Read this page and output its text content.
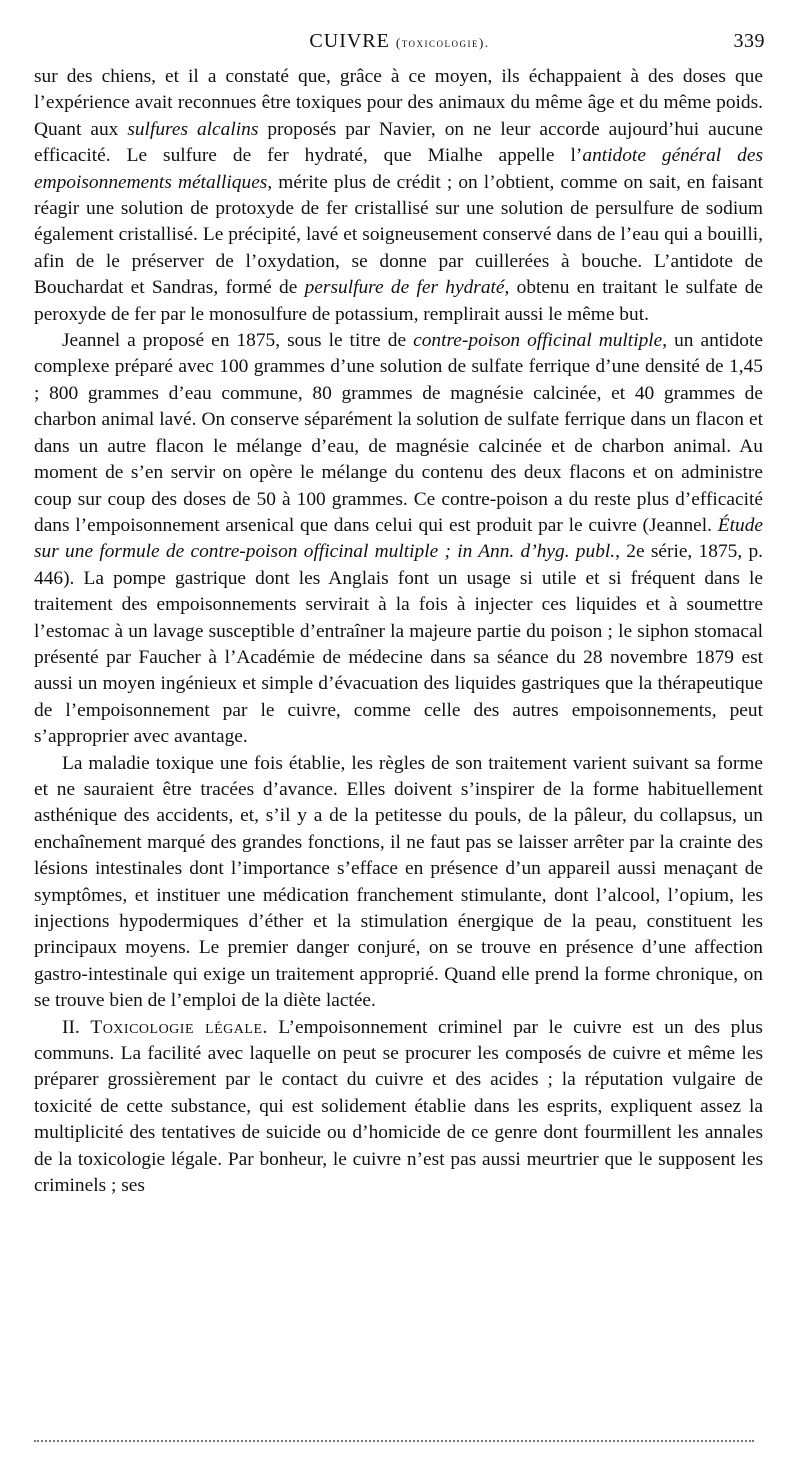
CUIVRE (toxicologie).	339

sur des chiens, et il a constaté que, grâce à ce moyen, ils échappaient à des doses que l’expérience avait reconnues être toxiques pour des animaux du même âge et du même poids. Quant aux sulfures alcalins proposés par Navier, on ne leur accorde aujourd’hui aucune efficacité. Le sulfure de fer hydraté, que Mialhe appelle l’antidote général des empoisonnements métalliques, mérite plus de crédit ; on l’obtient, comme on sait, en faisant réagir une solution de protoxyde de fer cristallisé sur une solution de persulfure de sodium également cristallisé. Le précipité, lavé et soigneusement conservé dans de l’eau qui a bouilli, afin de le préserver de l’oxydation, se donne par cuillerées à bouche. L’antidote de Bouchardat et Sandras, formé de persulfure de fer hydraté, obtenu en traitant le sulfate de peroxyde de fer par le monosulfure de potassium, remplirait aussi le même but.

Jeannel a proposé en 1875, sous le titre de contre-poison officinal multiple, un antidote complexe préparé avec 100 grammes d’une solution de sulfate ferrique d’une densité de 1,45 ; 800 grammes d’eau commune, 80 grammes de magnésie calcinée, et 40 grammes de charbon animal lavé. On conserve séparément la solution de sulfate ferrique dans un flacon et dans un autre flacon le mélange d’eau, de magnésie calcinée et de charbon animal. Au moment de s’en servir on opère le mélange du contenu des deux flacons et on administre coup sur coup des doses de 50 à 100 grammes. Ce contre-poison a du reste plus d’efficacité dans l’empoisonnement arsenical que dans celui qui est produit par le cuivre (Jeannel. Étude sur une formule de contre-poison officinal multiple ; in Ann. d’hyg. publ., 2e série, 1875, p. 446). La pompe gastrique dont les Anglais font un usage si utile et si fréquent dans le traitement des empoisonnements servirait à la fois à injecter ces liquides et à soumettre l’estomac à un lavage susceptible d’entraîner la majeure partie du poison ; le siphon stomacal présenté par Faucher à l’Académie de médecine dans sa séance du 28 novembre 1879 est aussi un moyen ingénieux et simple d’évacuation des liquides gastriques que la thérapeutique de l’empoisonnement par le cuivre, comme celle des autres empoisonnements, peut s’approprier avec avantage.

La maladie toxique une fois établie, les règles de son traitement varient suivant sa forme et ne sauraient être tracées d’avance. Elles doivent s’inspirer de la forme habituellement asthénique des accidents, et, s’il y a de la petitesse du pouls, de la pâleur, du collapsus, un enchaînement marqué des grandes fonctions, il ne faut pas se laisser arrêter par la crainte des lésions intestinales dont l’importance s’efface en présence d’un appareil aussi menaçant de symptômes, et instituer une médication franchement stimulante, dont l’alcool, l’opium, les injections hypodermiques d’éther et la stimulation énergique de la peau, constituent les principaux moyens. Le premier danger conjuré, on se trouve en présence d’une affection gastro-intestinale qui exige un traitement approprié. Quand elle prend la forme chronique, on se trouve bien de l’emploi de la diète lactée.

II. Toxicologie légale. L’empoisonnement criminel par le cuivre est un des plus communs. La facilité avec laquelle on peut se procurer les composés de cuivre et même les préparer grossièrement par le contact du cuivre et des acides ; la réputation vulgaire de toxicité de cette substance, qui est solidement établie dans les esprits, expliquent assez la multiplicité des tentatives de suicide ou d’homicide de ce genre dont fourmillent les annales de la toxicologie légale. Par bonheur, le cuivre n’est pas aussi meurtrier que le supposent les criminels ; ses
